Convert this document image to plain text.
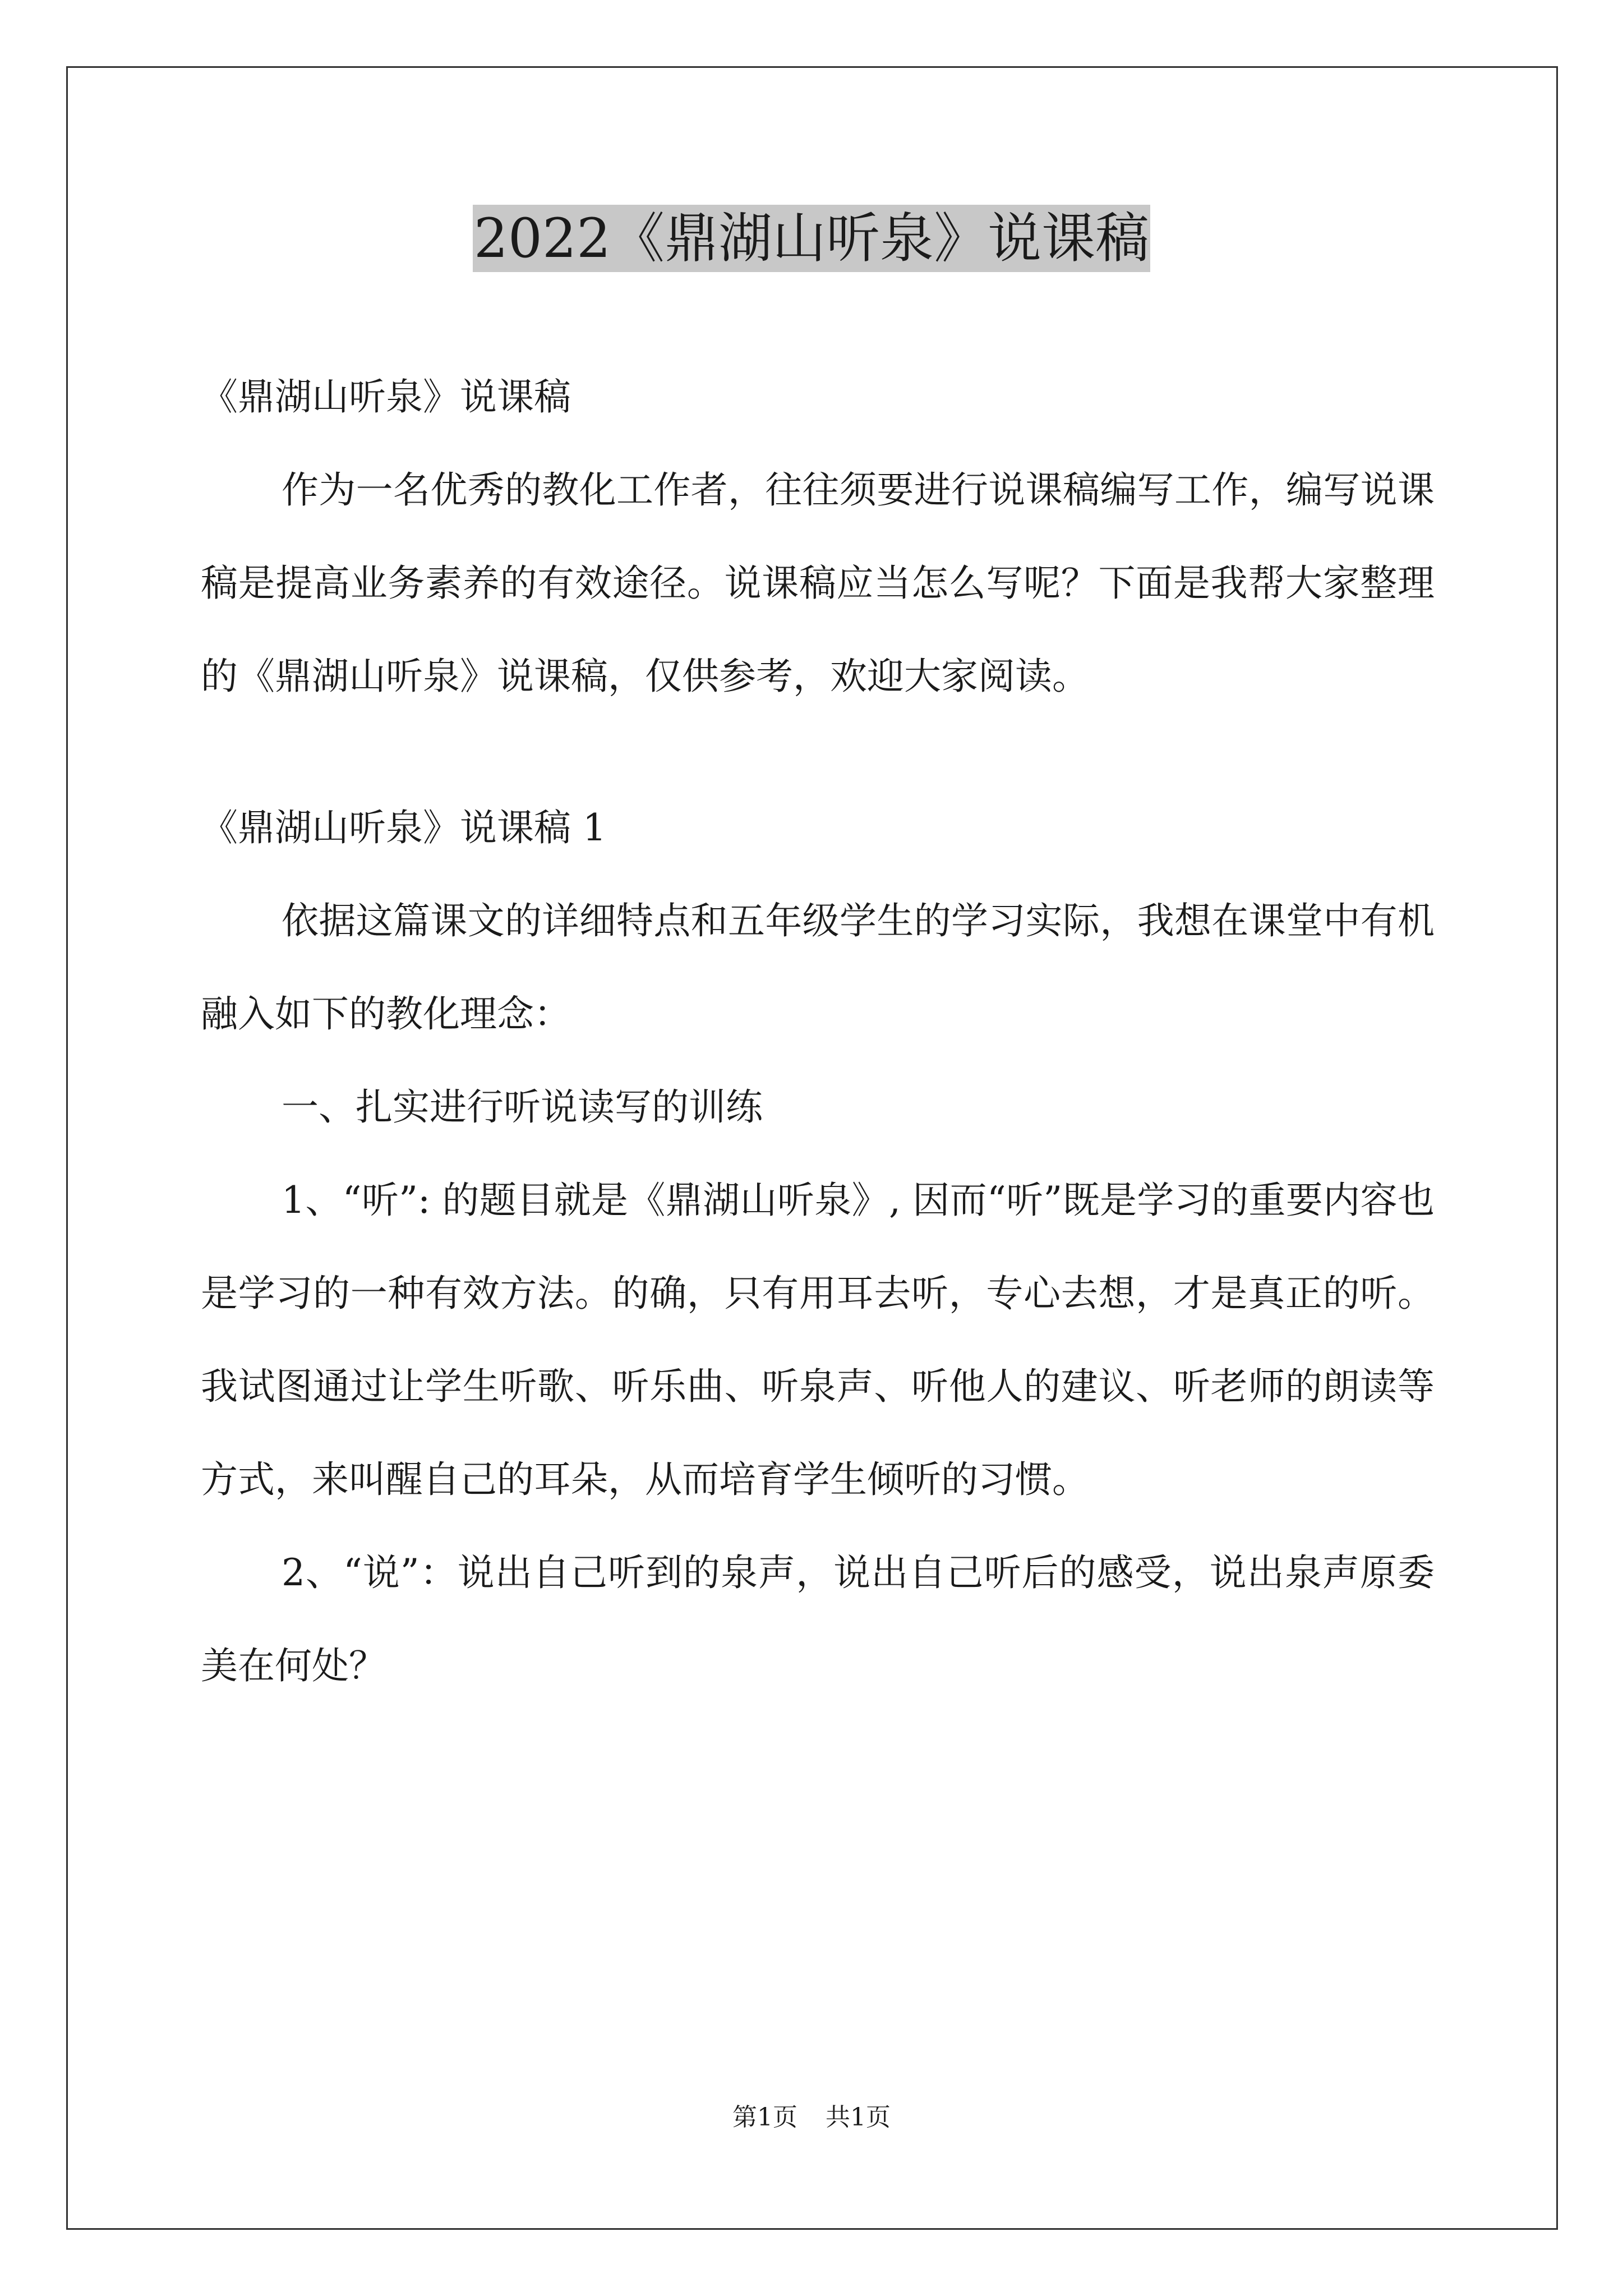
2022《鼎湖山听泉》说课稿

《鼎湖山听泉》说课稿

作为一名优秀的教化工作者，往往须要进行说课稿编写工作，编写说课稿是提高业务素养的有效途径。说课稿应当怎么写呢？下面是我帮大家整理的《鼎湖山听泉》说课稿，仅供参考，欢迎大家阅读。

《鼎湖山听泉》说课稿 1

依据这篇课文的详细特点和五年级学生的学习实际，我想在课堂中有机融入如下的教化理念：

一、扎实进行听说读写的训练

1、“听”: 的题目就是《鼎湖山听泉》, 因而“听”既是学习的重要内容也是学习的一种有效方法。的确，只有用耳去听，专心去想，才是真正的听。我试图通过让学生听歌、听乐曲、听泉声、听他人的建议、听老师的朗读等方式，来叫醒自己的耳朵，从而培育学生倾听的习惯。

2、“说”：说出自己听到的泉声，说出自己听后的感受，说出泉声原委美在何处？

第1页 共1页
